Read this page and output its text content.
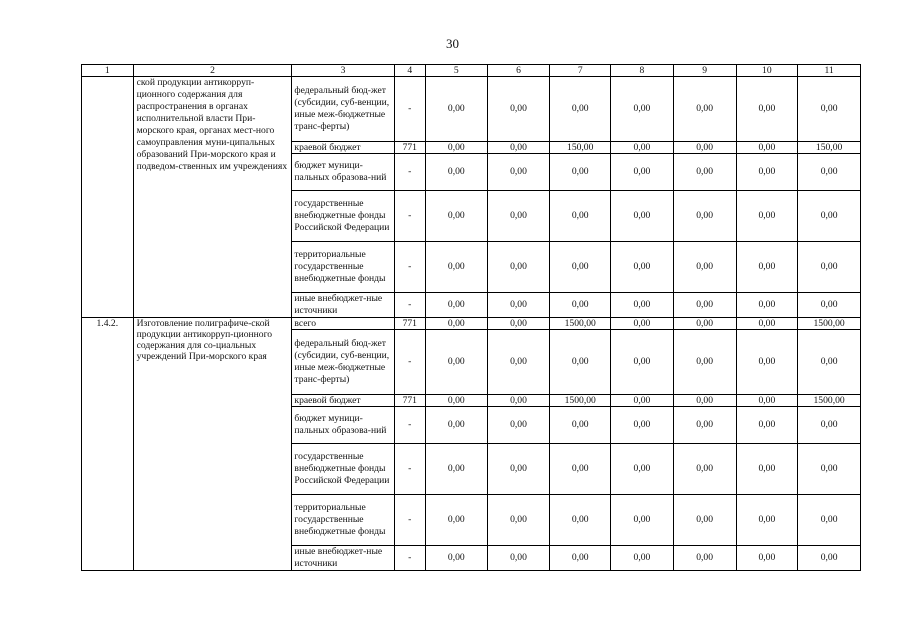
30
1	2	3	4	5	6	7	8	9	10	11
	ской продукции антикорруп-ционного содержания для распространения в органах исполнительной власти При-морского края, органах мест-ного самоуправления муни-ципальных образований При-морского края и подведом-ственных им учреждениях	федеральный бюд-жет (субсидии, суб-венции, иные меж-бюджетные транс-ферты)	-	0,00	0,00	0,00	0,00	0,00	0,00	0,00
		краевой бюджет	771	0,00	0,00	150,00	0,00	0,00	0,00	150,00
		бюджет муници-пальных образова-ний	-	0,00	0,00	0,00	0,00	0,00	0,00	0,00
		государственные внебюджетные фонды Российской Федерации	-	0,00	0,00	0,00	0,00	0,00	0,00	0,00
		территориальные государственные внебюджетные фонды	-	0,00	0,00	0,00	0,00	0,00	0,00	0,00
		иные внебюджет-ные источники	-	0,00	0,00	0,00	0,00	0,00	0,00	0,00
1.4.2.	Изготовление полиграфиче-ской продукции антикорруп-ционного содержания для со-циальных учреждений При-морского края	всего	771	0,00	0,00	1500,00	0,00	0,00	0,00	1500,00
		федеральный бюд-жет (субсидии, суб-венции, иные меж-бюджетные транс-ферты)	-	0,00	0,00	0,00	0,00	0,00	0,00	0,00
		краевой бюджет	771	0,00	0,00	1500,00	0,00	0,00	0,00	1500,00
		бюджет муници-пальных образова-ний	-	0,00	0,00	0,00	0,00	0,00	0,00	0,00
		государственные внебюджетные фонды Российской Федерации	-	0,00	0,00	0,00	0,00	0,00	0,00	0,00
		территориальные государственные внебюджетные фонды	-	0,00	0,00	0,00	0,00	0,00	0,00	0,00
		иные внебюджет-ные источники	-	0,00	0,00	0,00	0,00	0,00	0,00	0,00
